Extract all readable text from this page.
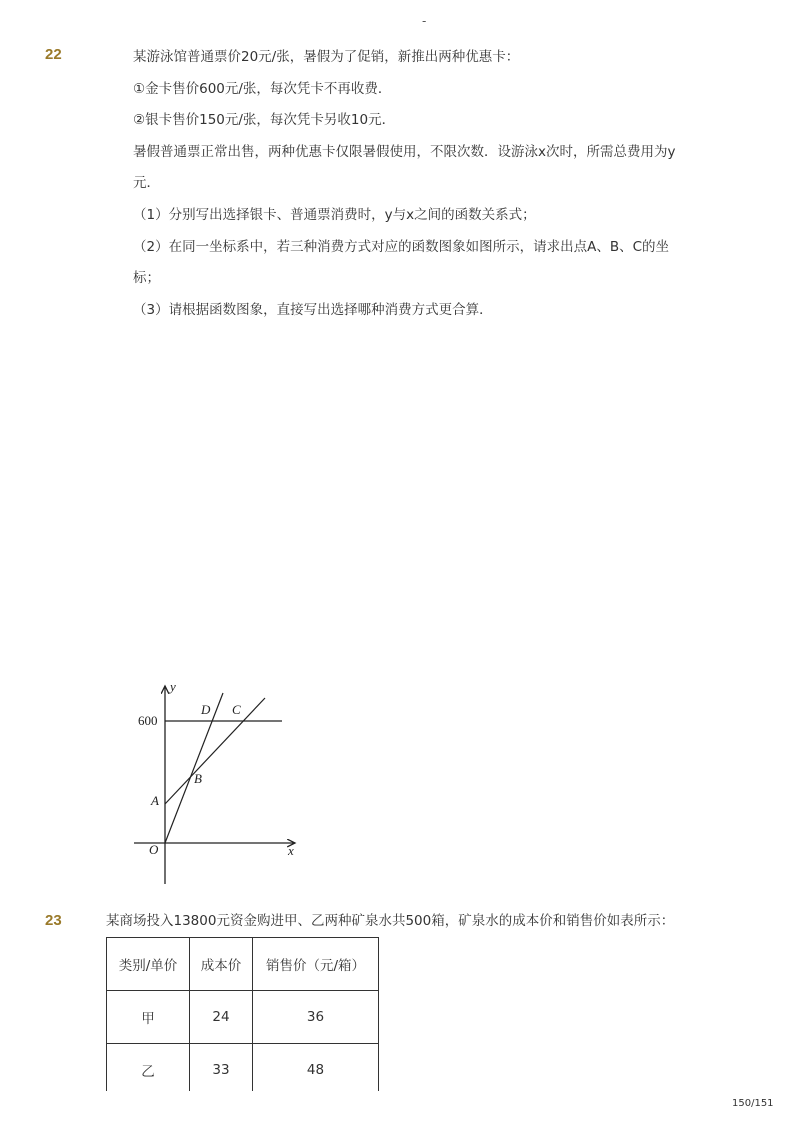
-
22	某游泳馆普通票价20元/张，暑假为了促销，新推出两种优惠卡：
①金卡售价600元/张，每次凭卡不再收费．
②银卡售价150元/张，每次凭卡另收10元．
暑假普通票正常出售，两种优惠卡仅限暑假使用，不限次数．设游泳x次时，所需总费用为y
元．
（1）分别写出选择银卡、普通票消费时，y与x之间的函数关系式；
（2）在同一坐标系中，若三种消费方式对应的函数图象如图所示，请求出点A、B、C的坐
标；
（3）请根据函数图象，直接写出选择哪种消费方式更合算．
y
x
600
D C
B
A
O
23	某商场投入13800元资金购进甲、乙两种矿泉水共500箱，矿泉水的成本价和销售价如表所示：
类别/单价	成本价	销售价（元/箱）
甲	24	36
乙	33	48
150/151
